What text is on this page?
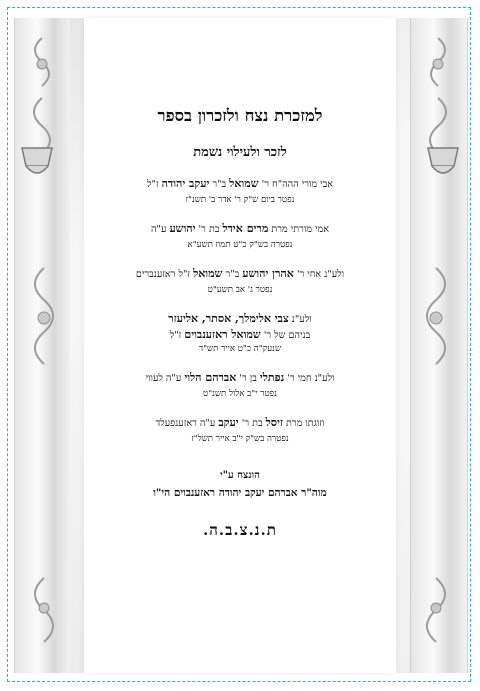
למזכרת נצח ולזכרון בספר

לזכר ולעילוי נשמת

אבי מורי ההה"ח ר' שמואל ב"ר יעקב יהודה ז"ל

נפטר ביום ש"ק ר' אדר ב' תשנ"ז

אמי מורתי מרת מרים אידל בת ר' יהושע ע"ה

נפטרה בש"ק כ"ט תמוז תשע"א

ולע"נ אחי ר' אהרן יהושע ב"ר שמואל ז"ל ראזענברים

נפטר ג' אב תשע"ט

ולע"נ צבי אלימלך, אסתר, אליעזר

בניהם של ר' שמואל ראזענבוים ז"ל

שנעק"ה כ"ט אייר תש"ד

ולע"נ חמי ר' נפתלי בן ר' אברהם הלוי ע"ה לעווי

נפטר י"ב אלול תשנ"ט

וזוגתו מרת זיסל בת ר' יעקב ע"ה ראזענפעלד

נפטרה בש"ק י"ב אייר תשל"ז

הונצח ע"י

מוה"ר אברהם יעקב יהודה ראזענבוים הי"ו

ת.נ.צ.ב.ה.
